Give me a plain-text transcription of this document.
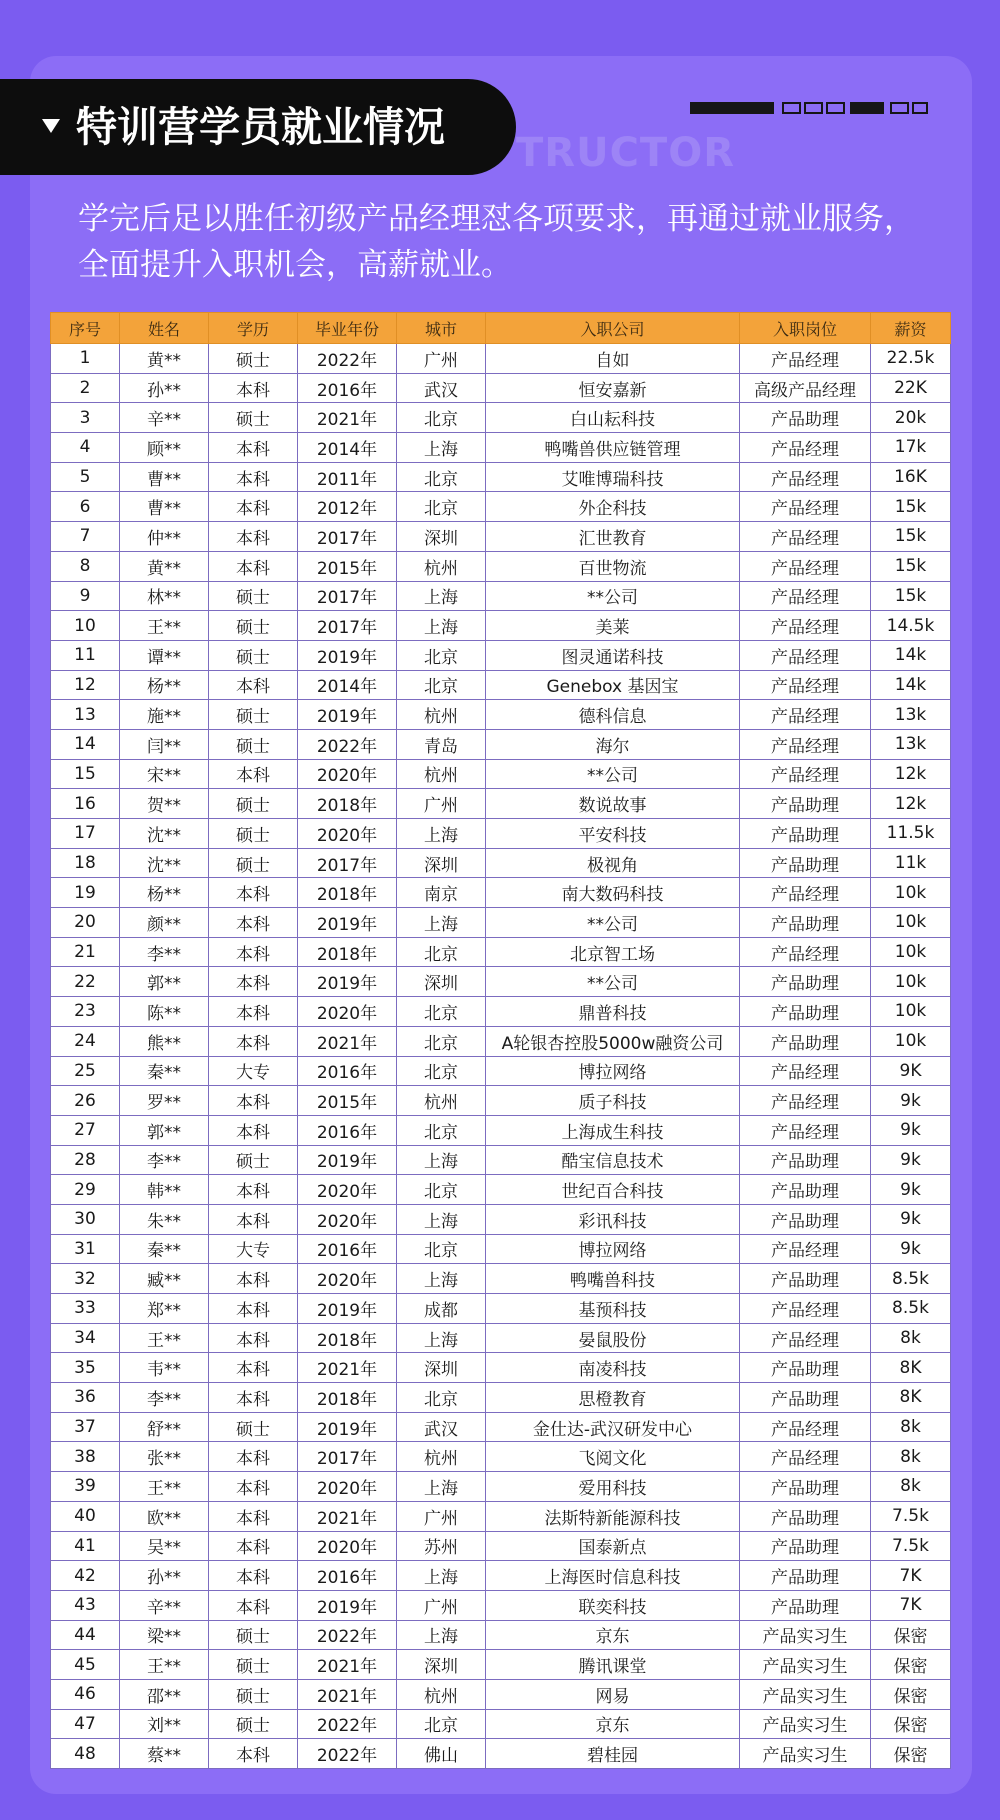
特训营学员就业情况
TRUCTOR
学完后足以胜任初级产品经理怼各项要求，再通过就业服务，全面提升入职机会，高薪就业。
序号	姓名	学历	毕业年份	城市	入职公司	入职岗位	薪资
1	黄**	硕士	2022年	广州	自如	产品经理	22.5k
2	孙**	本科	2016年	武汉	恒安嘉新	高级产品经理	22K
3	辛**	硕士	2021年	北京	白山耘科技	产品助理	20k
4	顾**	本科	2014年	上海	鸭嘴兽供应链管理	产品经理	17k
5	曹**	本科	2011年	北京	艾唯博瑞科技	产品经理	16K
6	曹**	本科	2012年	北京	外企科技	产品经理	15k
7	仲**	本科	2017年	深圳	汇世教育	产品经理	15k
8	黄**	本科	2015年	杭州	百世物流	产品经理	15k
9	林**	硕士	2017年	上海	**公司	产品经理	15k
10	王**	硕士	2017年	上海	美莱	产品经理	14.5k
11	谭**	硕士	2019年	北京	图灵通诺科技	产品经理	14k
12	杨**	本科	2014年	北京	Genebox 基因宝	产品经理	14k
13	施**	硕士	2019年	杭州	德科信息	产品经理	13k
14	闫**	硕士	2022年	青岛	海尔	产品经理	13k
15	宋**	本科	2020年	杭州	**公司	产品经理	12k
16	贺**	硕士	2018年	广州	数说故事	产品助理	12k
17	沈**	硕士	2020年	上海	平安科技	产品助理	11.5k
18	沈**	硕士	2017年	深圳	极视角	产品助理	11k
19	杨**	本科	2018年	南京	南大数码科技	产品经理	10k
20	颜**	本科	2019年	上海	**公司	产品助理	10k
21	李**	本科	2018年	北京	北京智工场	产品经理	10k
22	郭**	本科	2019年	深圳	**公司	产品助理	10k
23	陈**	本科	2020年	北京	鼎普科技	产品助理	10k
24	熊**	本科	2021年	北京	A轮银杏控股5000w融资公司	产品助理	10k
25	秦**	大专	2016年	北京	博拉网络	产品经理	9K
26	罗**	本科	2015年	杭州	质子科技	产品经理	9k
27	郭**	本科	2016年	北京	上海成生科技	产品经理	9k
28	李**	硕士	2019年	上海	酷宝信息技术	产品助理	9k
29	韩**	本科	2020年	北京	世纪百合科技	产品助理	9k
30	朱**	本科	2020年	上海	彩讯科技	产品助理	9k
31	秦**	大专	2016年	北京	博拉网络	产品经理	9k
32	臧**	本科	2020年	上海	鸭嘴兽科技	产品助理	8.5k
33	郑**	本科	2019年	成都	基预科技	产品经理	8.5k
34	王**	本科	2018年	上海	晏鼠股份	产品经理	8k
35	韦**	本科	2021年	深圳	南凌科技	产品助理	8K
36	李**	本科	2018年	北京	思橙教育	产品助理	8K
37	舒**	硕士	2019年	武汉	金仕达-武汉研发中心	产品经理	8k
38	张**	本科	2017年	杭州	飞阅文化	产品经理	8k
39	王**	本科	2020年	上海	爱用科技	产品助理	8k
40	欧**	本科	2021年	广州	法斯特新能源科技	产品助理	7.5k
41	吴**	本科	2020年	苏州	国泰新点	产品助理	7.5k
42	孙**	本科	2016年	上海	上海医时信息科技	产品助理	7K
43	辛**	本科	2019年	广州	联奕科技	产品助理	7K
44	梁**	硕士	2022年	上海	京东	产品实习生	保密
45	王**	硕士	2021年	深圳	腾讯课堂	产品实习生	保密
46	邵**	硕士	2021年	杭州	网易	产品实习生	保密
47	刘**	硕士	2022年	北京	京东	产品实习生	保密
48	蔡**	本科	2022年	佛山	碧桂园	产品实习生	保密
